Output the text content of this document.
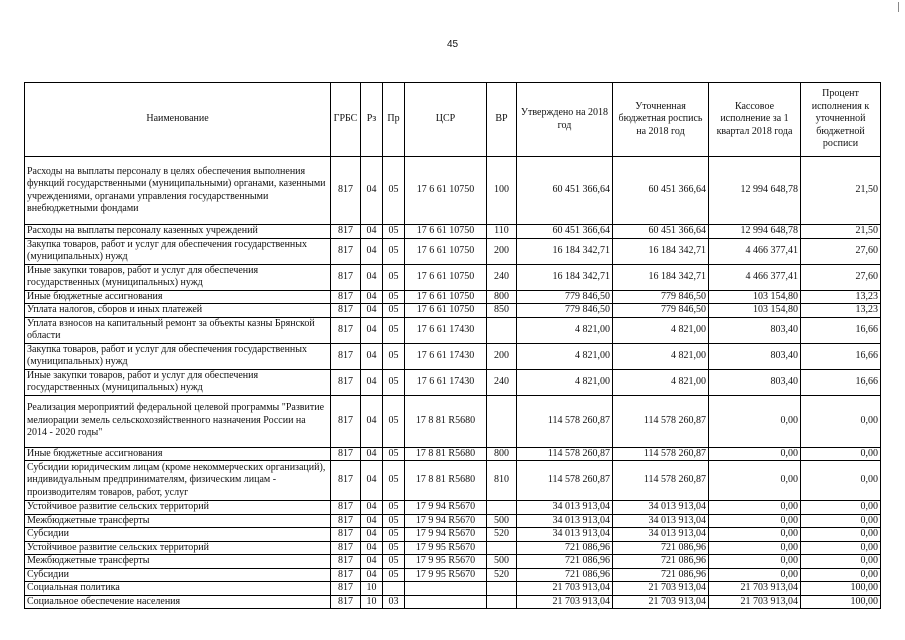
45
Наименование	ГРБС	Рз	Пр	ЦСР	ВР	Утверждено на 2018 год	Уточненная бюджетная роспись на 2018 год	Кассовое исполнение за 1 квартал 2018 года	Процент исполнения к уточненной бюджетной росписи
Расходы на выплаты персоналу в целях обеспечения выполнения функций государственными (муниципальными) органами, казенными учреждениями, органами управления государственными внебюджетными фондами	817	04	05	17 6 61 10750	100	60 451 366,64	60 451 366,64	12 994 648,78	21,50
Расходы на выплаты персоналу казенных учреждений	817	04	05	17 6 61 10750	110	60 451 366,64	60 451 366,64	12 994 648,78	21,50
Закупка товаров, работ и услуг для обеспечения государственных (муниципальных) нужд	817	04	05	17 6 61 10750	200	16 184 342,71	16 184 342,71	4 466 377,41	27,60
Иные закупки товаров, работ и услуг для обеспечения государственных (муниципальных) нужд	817	04	05	17 6 61 10750	240	16 184 342,71	16 184 342,71	4 466 377,41	27,60
Иные бюджетные ассигнования	817	04	05	17 6 61 10750	800	779 846,50	779 846,50	103 154,80	13,23
Уплата налогов, сборов и иных платежей	817	04	05	17 6 61 10750	850	779 846,50	779 846,50	103 154,80	13,23
Уплата взносов на капитальный ремонт за объекты казны Брянской области	817	04	05	17 6 61 17430		4 821,00	4 821,00	803,40	16,66
Закупка товаров, работ и услуг для обеспечения государственных (муниципальных) нужд	817	04	05	17 6 61 17430	200	4 821,00	4 821,00	803,40	16,66
Иные закупки товаров, работ и услуг для обеспечения государственных (муниципальных) нужд	817	04	05	17 6 61 17430	240	4 821,00	4 821,00	803,40	16,66
Реализация мероприятий федеральной целевой программы "Развитие мелиорации земель сельскохозяйственного назначения России на 2014 - 2020 годы"	817	04	05	17 8 81 R5680		114 578 260,87	114 578 260,87	0,00	0,00
Иные бюджетные ассигнования	817	04	05	17 8 81 R5680	800	114 578 260,87	114 578 260,87	0,00	0,00
Субсидии юридическим лицам (кроме некоммерческих организаций), индивидуальным предпринимателям, физическим лицам - производителям товаров, работ, услуг	817	04	05	17 8 81 R5680	810	114 578 260,87	114 578 260,87	0,00	0,00
Устойчивое развитие сельских территорий	817	04	05	17 9 94 R5670		34 013 913,04	34 013 913,04	0,00	0,00
Межбюджетные трансферты	817	04	05	17 9 94 R5670	500	34 013 913,04	34 013 913,04	0,00	0,00
Субсидии	817	04	05	17 9 94 R5670	520	34 013 913,04	34 013 913,04	0,00	0,00
Устойчивое развитие сельских территорий	817	04	05	17 9 95 R5670		721 086,96	721 086,96	0,00	0,00
Межбюджетные трансферты	817	04	05	17 9 95 R5670	500	721 086,96	721 086,96	0,00	0,00
Субсидии	817	04	05	17 9 95 R5670	520	721 086,96	721 086,96	0,00	0,00
Социальная политика	817	10				21 703 913,04	21 703 913,04	21 703 913,04	100,00
Социальное обеспечение населения	817	10	03			21 703 913,04	21 703 913,04	21 703 913,04	100,00
